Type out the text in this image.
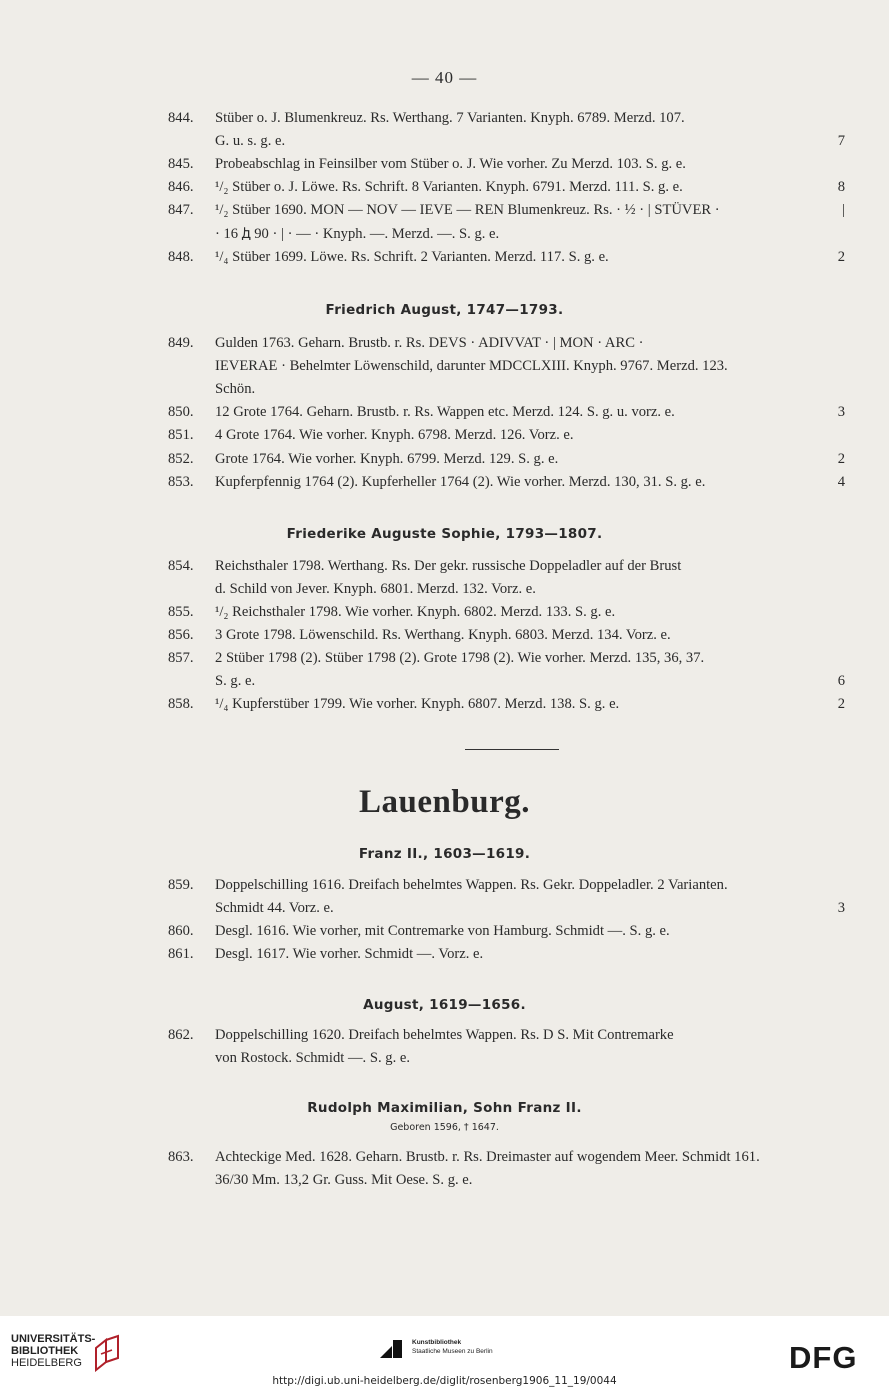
— 40 —
844. Stüber o. J. Blumenkreuz. Rs. Werthang. 7 Varianten. Knyph. 6789. Merzd. 107.
G. u. s. g. e.	7
845. Probeabschlag in Feinsilber vom Stüber o. J. Wie vorher. Zu Merzd. 103. S. g. e.
846. ¹/₂ Stüber o. J. Löwe. Rs. Schrift. 8 Varianten. Knyph. 6791. Merzd. 111. S. g. e.	8
847. ¹/₂ Stüber 1690. MON — NOV — IEVE — REN Blumenkreuz. Rs. · ½ · | STÜVER ·	|
· 16 ꚁ 90 · | · — · Knyph. —. Merzd. —. S. g. e.
848. ¹/₄ Stüber 1699. Löwe. Rs. Schrift. 2 Varianten. Merzd. 117. S. g. e.	2
Friedrich August, 1747—1793.
849. Gulden 1763. Geharn. Brustb. r. Rs. DEVS · ADIVVAT · | MON · ARC ·
IEVERAE · Behelmter Löwenschild, darunter MDCCLXIII. Knyph. 9767. Merzd. 123.
Schön.
850. 12 Grote 1764. Geharn. Brustb. r. Rs. Wappen etc. Merzd. 124. S. g. u. vorz. e.	3
851. 4 Grote 1764. Wie vorher. Knyph. 6798. Merzd. 126. Vorz. e.
852. Grote 1764. Wie vorher. Knyph. 6799. Merzd. 129. S. g. e.	2
853. Kupferpfennig 1764 (2). Kupferheller 1764 (2). Wie vorher. Merzd. 130, 31. S. g. e.	4
Friederike Auguste Sophie, 1793—1807.
854. Reichsthaler 1798. Werthang. Rs. Der gekr. russische Doppeladler auf der Brust
d. Schild von Jever. Knyph. 6801. Merzd. 132. Vorz. e.
855. ¹/₂ Reichsthaler 1798. Wie vorher. Knyph. 6802. Merzd. 133. S. g. e.
856. 3 Grote 1798. Löwenschild. Rs. Werthang. Knyph. 6803. Merzd. 134. Vorz. e.
857. 2 Stüber 1798 (2). Stüber 1798 (2). Grote 1798 (2). Wie vorher. Merzd. 135, 36, 37.
S. g. e.	6
858. ¹/₄ Kupferstüber 1799. Wie vorher. Knyph. 6807. Merzd. 138. S. g. e.	2
Lauenburg.
Franz II., 1603—1619.
859. Doppelschilling 1616. Dreifach behelmtes Wappen. Rs. Gekr. Doppeladler. 2 Varianten.
Schmidt 44. Vorz. e.	3
860. Desgl. 1616. Wie vorher, mit Contremarke von Hamburg. Schmidt —. S. g. e.
861. Desgl. 1617. Wie vorher. Schmidt —. Vorz. e.
August, 1619—1656.
862. Doppelschilling 1620. Dreifach behelmtes Wappen. Rs. D S. Mit Contremarke
von Rostock. Schmidt —. S. g. e.
Rudolph Maximilian, Sohn Franz II.
Geboren 1596, † 1647.
863. Achteckige Med. 1628. Geharn. Brustb. r. Rs. Dreimaster auf wogendem Meer. Schmidt 161.
36/30 Mm. 13,2 Gr. Guss. Mit Oese. S. g. e.
UNIVERSITÄTS-
BIBLIOTHEK
HEIDELBERG
Kunstbibliothek
Staatliche Museen zu Berlin	DFG
http://digi.ub.uni-heidelberg.de/diglit/rosenberg1906_11_19/0044
